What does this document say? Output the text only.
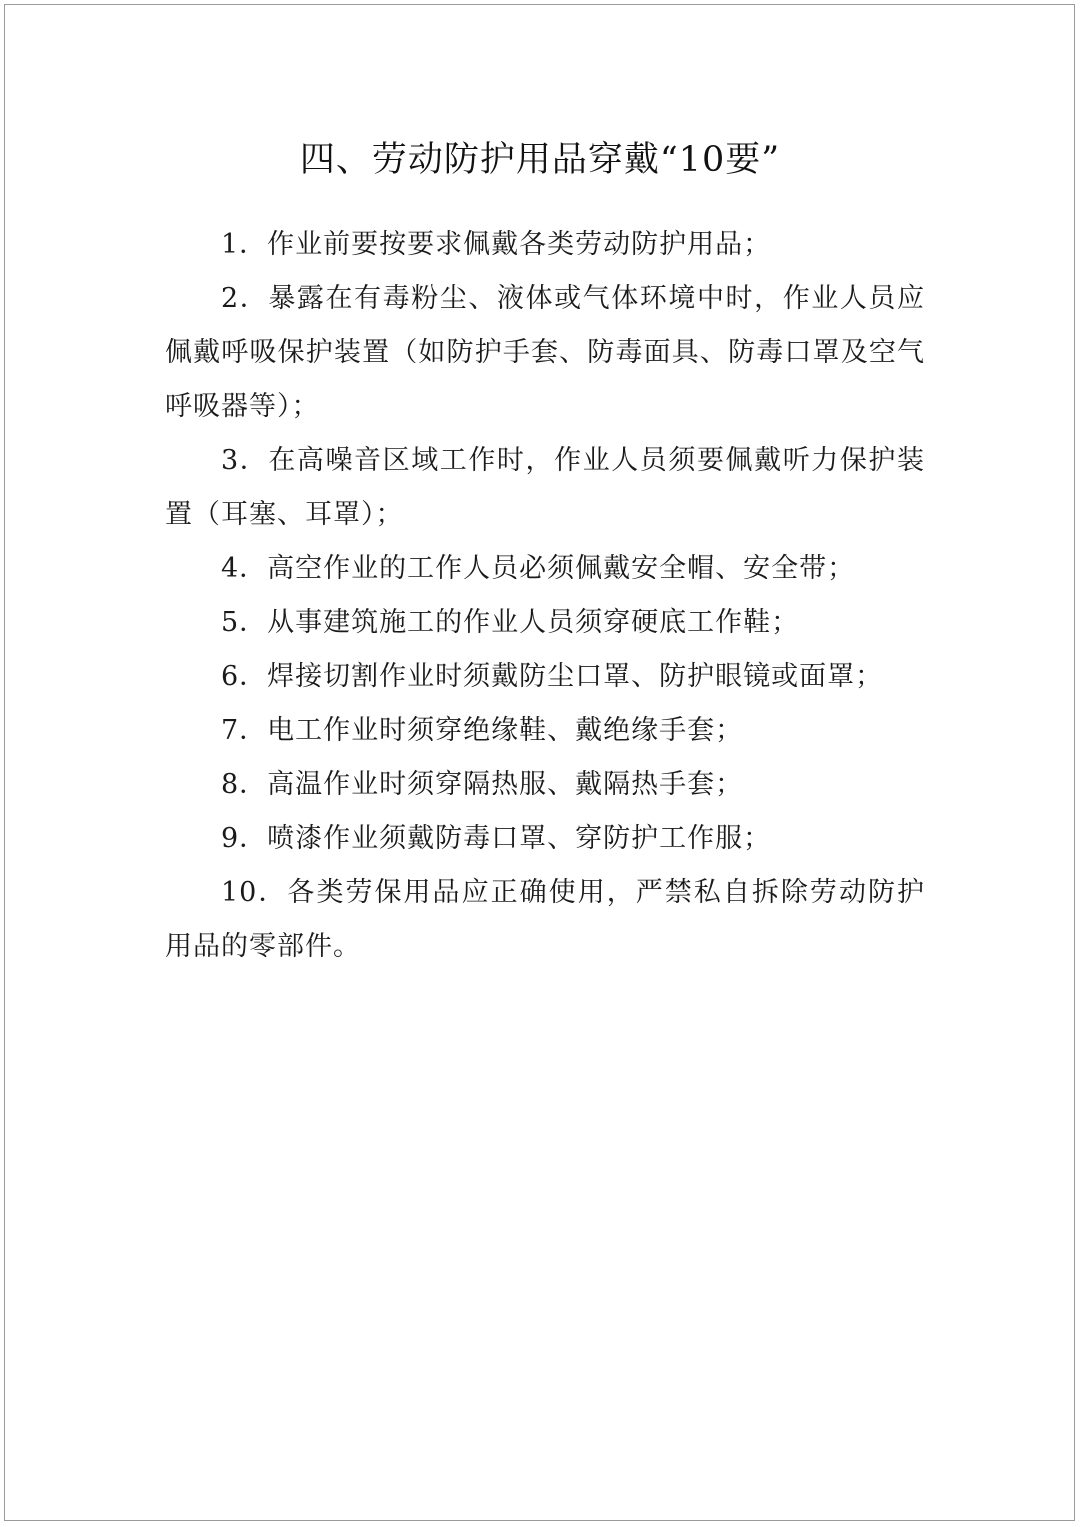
四、劳动防护用品穿戴“10要”

1．作业前要按要求佩戴各类劳动防护用品；

2．暴露在有毒粉尘、液体或气体环境中时，作业人员应佩戴呼吸保护装置（如防护手套、防毒面具、防毒口罩及空气呼吸器等）；

3．在高噪音区域工作时，作业人员须要佩戴听力保护装置（耳塞、耳罩）；

4．高空作业的工作人员必须佩戴安全帽、安全带；

5．从事建筑施工的作业人员须穿硬底工作鞋；

6．焊接切割作业时须戴防尘口罩、防护眼镜或面罩；

7．电工作业时须穿绝缘鞋、戴绝缘手套；

8．高温作业时须穿隔热服、戴隔热手套；

9．喷漆作业须戴防毒口罩、穿防护工作服；

10．各类劳保用品应正确使用，严禁私自拆除劳动防护用品的零部件。
